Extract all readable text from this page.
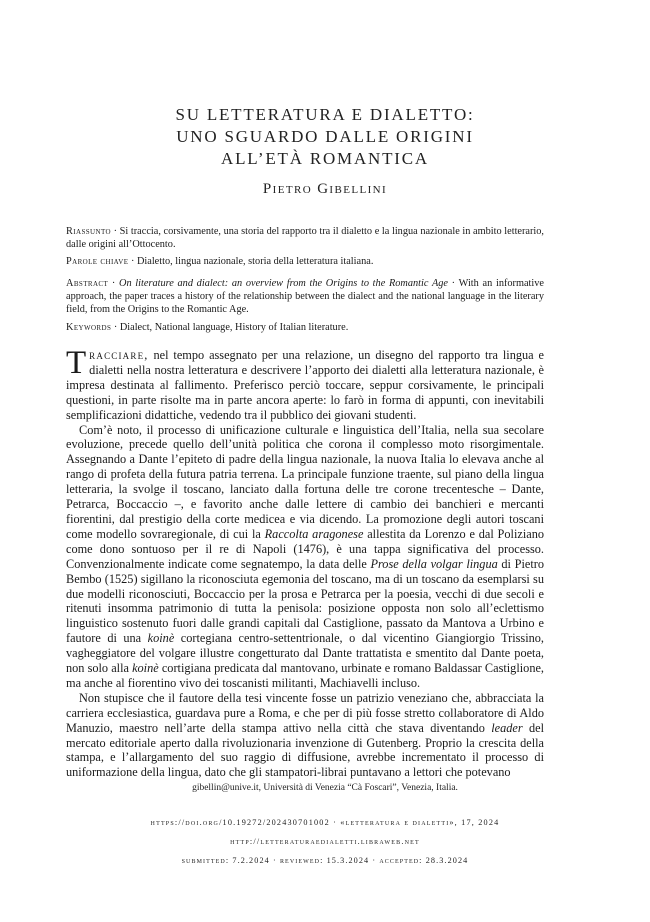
SU LETTERATURA E DIALETTO:
UNO SGUARDO DALLE ORIGINI
ALL’ETÀ ROMANTICA
Pietro Gibellini
Riassunto · Si traccia, corsivamente, una storia del rapporto tra il dialetto e la lingua nazionale in ambito letterario, dalle origini all’Ottocento.
Parole chiave · Dialetto, lingua nazionale, storia della letteratura italiana.
Abstract · On literature and dialect: an overview from the Origins to the Romantic Age · With an informative approach, the paper traces a history of the relationship between the dialect and the national language in the literary field, from the Origins to the Romantic Age.
Keywords · Dialect, National language, History of Italian literature.

Tracciare, nel tempo assegnato per una relazione, un disegno del rapporto tra lingua e dialetti nella nostra letteratura e descrivere l’apporto dei dialetti alla letteratura nazionale, è impresa destinata al fallimento. Preferisco perciò toccare, seppur corsivamente, le principali questioni, in parte risolte ma in parte ancora aperte: lo farò in forma di appunti, con inevitabili semplificazioni didattiche, vedendo tra il pubblico dei giovani studenti.

Com’è noto, il processo di unificazione culturale e linguistica dell’Italia, nella sua secolare evoluzione, precede quello dell’unità politica che corona il complesso moto risorgimentale. Assegnando a Dante l’epiteto di padre della lingua nazionale, la nuova Italia lo elevava anche al rango di profeta della futura patria terrena. La principale funzione traente, sul piano della lingua letteraria, la svolge il toscano, lanciato dalla fortuna delle tre corone trecentesche – Dante, Petrarca, Boccaccio –, e favorito anche dalle lettere di cambio dei banchieri e mercanti fiorentini, dal prestigio della corte medicea e via dicendo. La promozione degli autori toscani come modello sovraregionale, di cui la Raccolta aragonese allestita da Lorenzo e dal Poliziano come dono sontuoso per il re di Napoli (1476), è una tappa significativa del processo. Convenzionalmente indicate come segnatempo, la data delle Prose della volgar lingua di Pietro Bembo (1525) sigillano la riconosciuta egemonia del toscano, ma di un toscano da esemplarsi su due modelli riconosciuti, Boccaccio per la prosa e Petrarca per la poesia, vecchi di due secoli e ritenuti insomma patrimonio di tutta la penisola: posizione opposta non solo all’eclettismo linguistico sostenuto fuori dalle grandi capitali dal Castiglione, passato da Mantova a Urbino e fautore di una koinè cortegiana centro-settentrionale, o dal vicentino Giangiorgio Trissino, vagheggiatore del volgare illustre congetturato dal Dante trattatista e smentito dal Dante poeta, non solo alla koinè cortigiana predicata dal mantovano, urbinate e romano Baldassar Castiglione, ma anche al fiorentino vivo dei toscanisti militanti, Machiavelli incluso.

Non stupisce che il fautore della tesi vincente fosse un patrizio veneziano che, abbracciata la carriera ecclesiastica, guardava pure a Roma, e che per di più fosse stretto collaboratore di Aldo Manuzio, maestro nell’arte della stampa attivo nella città che stava diventando leader del mercato editoriale aperto dalla rivoluzionaria invenzione di Gutenberg. Proprio la crescita della stampa, e l’allargamento del suo raggio di diffusione, avrebbe incrementato il processo di uniformazione della lingua, dato che gli stampatori-librai puntavano a lettori che potevano

gibellin@unive.it, Università di Venezia “Cà Foscari”, Venezia, Italia.
https://doi.org/10.19272/202430701002 · «letteratura e dialetti», 17, 2024
http://letteraturaedialetti.libraweb.net
submitted: 7.2.2024 · reviewed: 15.3.2024 · accepted: 28.3.2024
